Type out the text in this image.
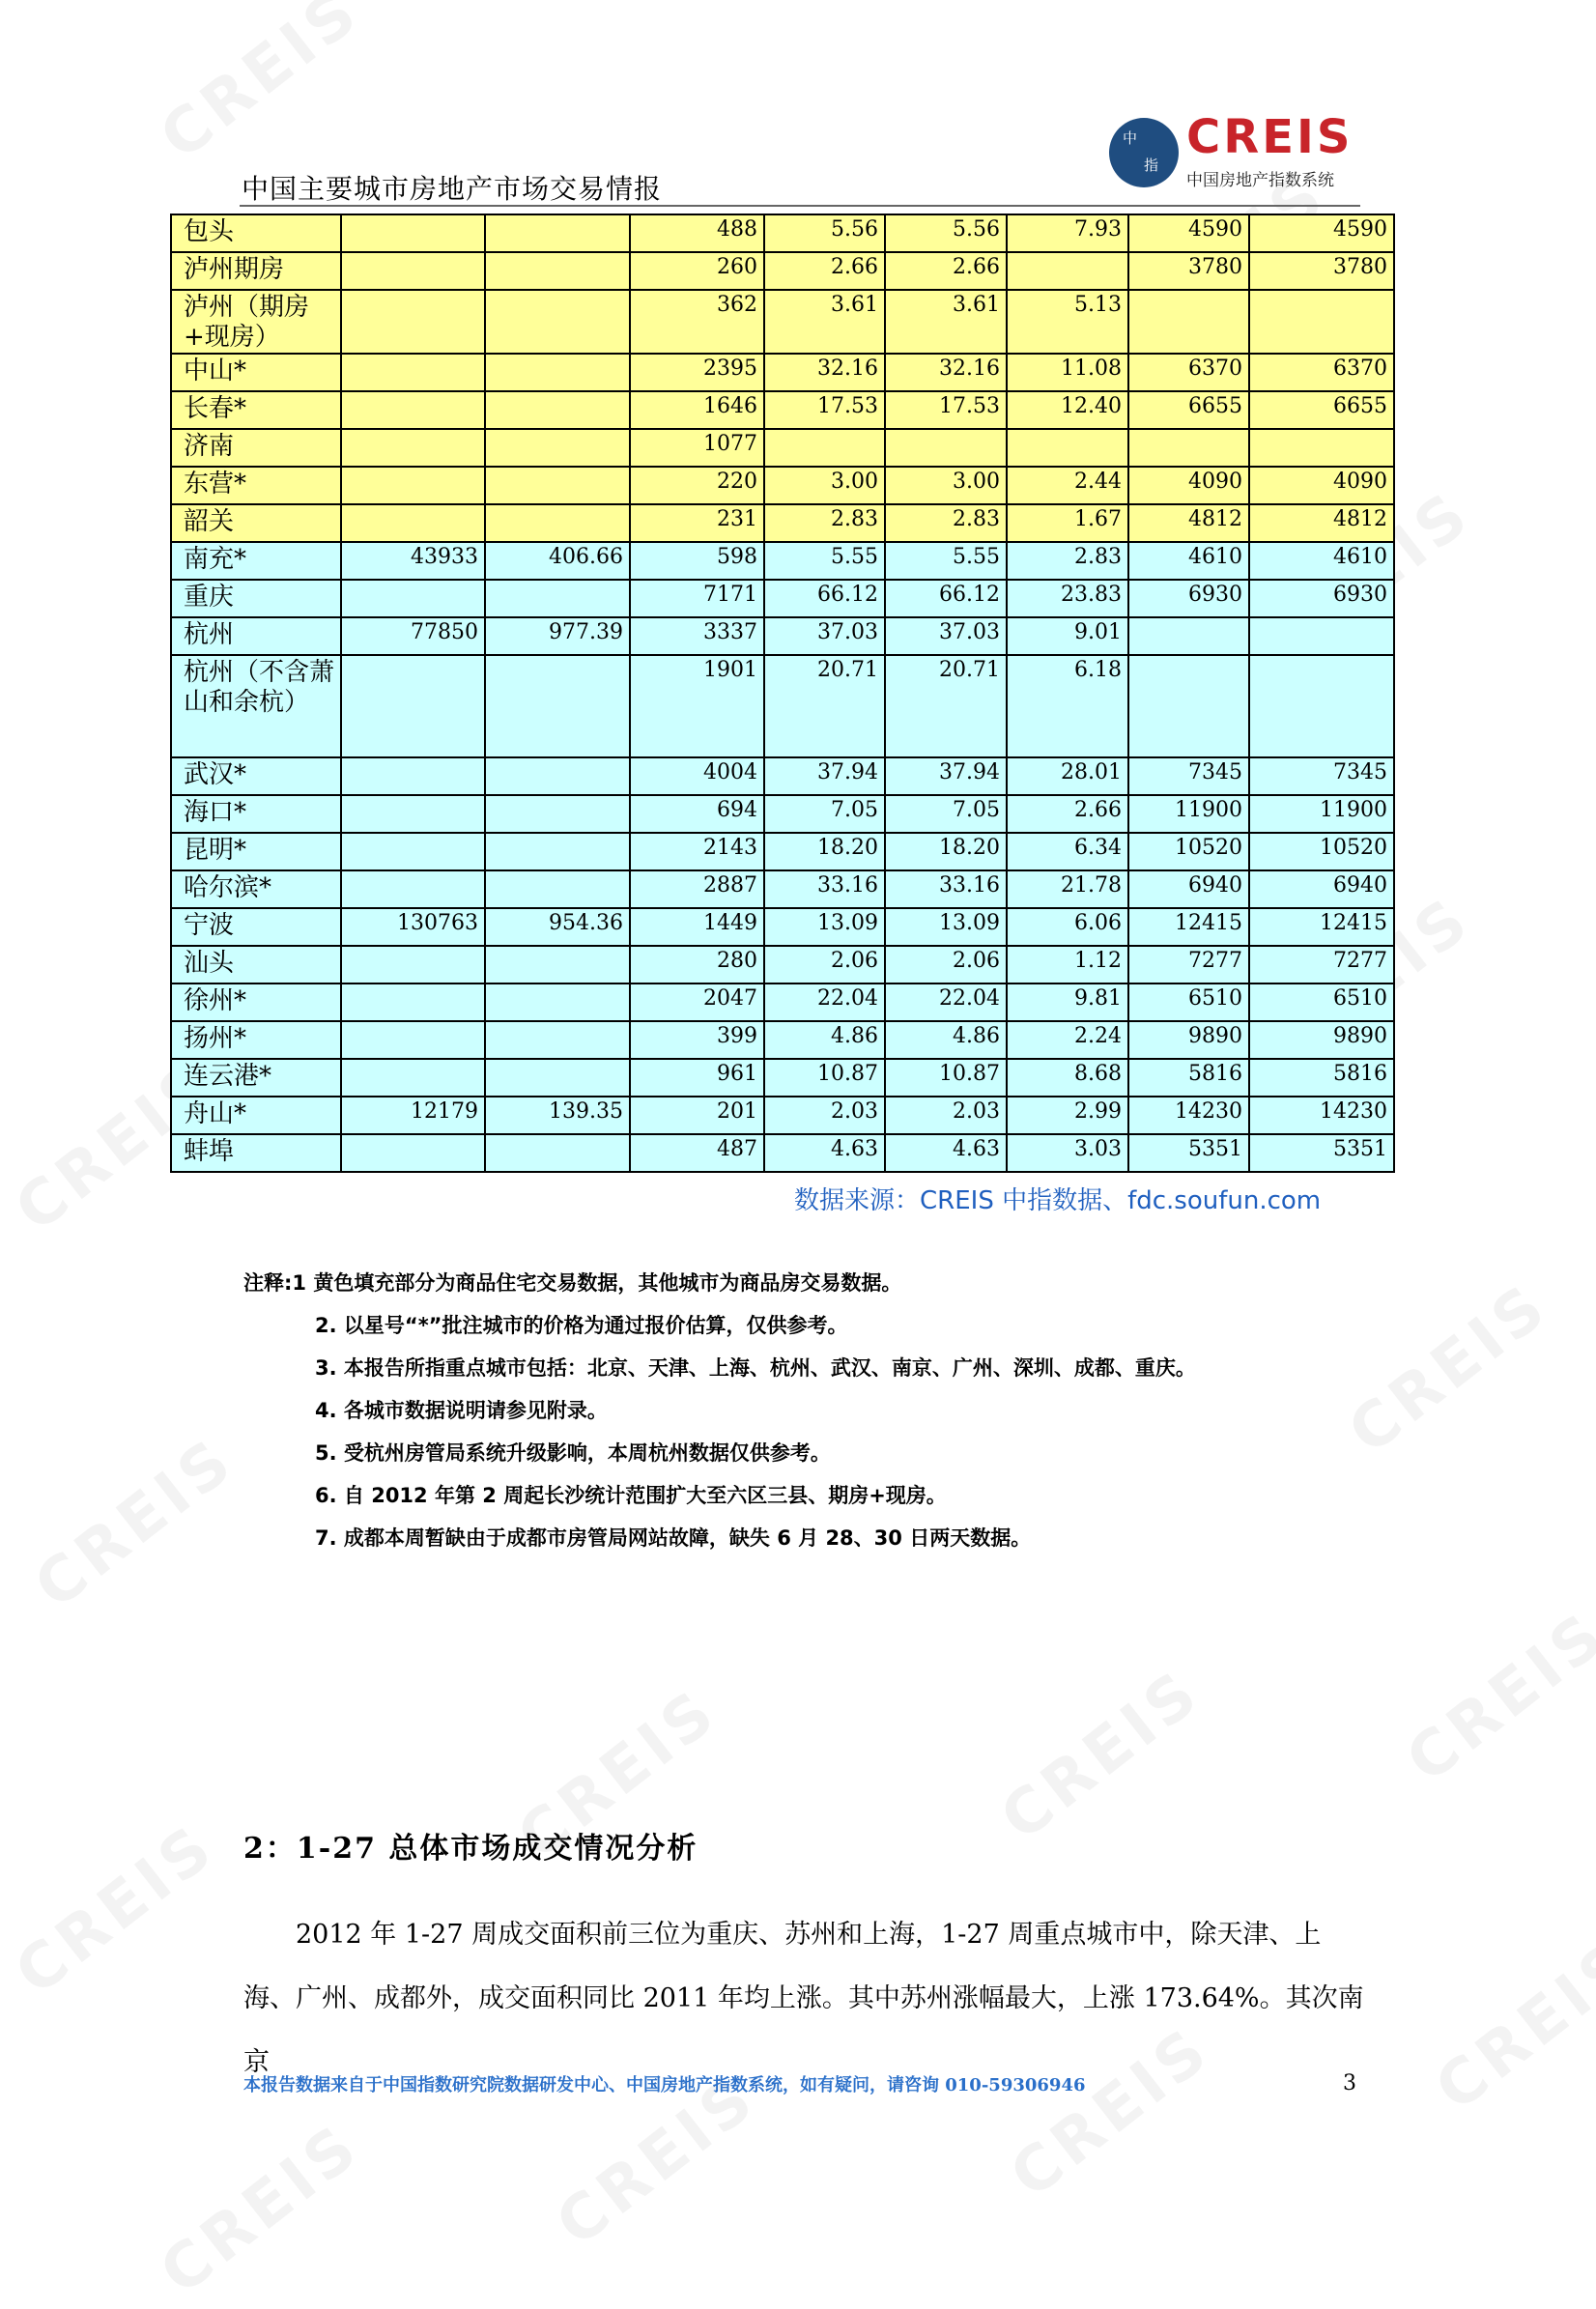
中国主要城市房地产市场交易情报
中
指
CREIS
中国房地产指数系统
包头			488	5.56	5.56	7.93	4590	4590
泸州期房			260	2.66	2.66		3780	3780
泸州（期房+现房）			362	3.61	3.61	5.13		
中山*			2395	32.16	32.16	11.08	6370	6370
长春*			1646	17.53	17.53	12.40	6655	6655
济南			1077					
东营*			220	3.00	3.00	2.44	4090	4090
韶关			231	2.83	2.83	1.67	4812	4812
南充*	43933	406.66	598	5.55	5.55	2.83	4610	4610
重庆			7171	66.12	66.12	23.83	6930	6930
杭州	77850	977.39	3337	37.03	37.03	9.01		
杭州（不含萧山和余杭）			1901	20.71	20.71	6.18		
武汉*			4004	37.94	37.94	28.01	7345	7345
海口*			694	7.05	7.05	2.66	11900	11900
昆明*			2143	18.20	18.20	6.34	10520	10520
哈尔滨*			2887	33.16	33.16	21.78	6940	6940
宁波	130763	954.36	1449	13.09	13.09	6.06	12415	12415
汕头			280	2.06	2.06	1.12	7277	7277
徐州*			2047	22.04	22.04	9.81	6510	6510
扬州*			399	4.86	4.86	2.24	9890	9890
连云港*			961	10.87	10.87	8.68	5816	5816
舟山*	12179	139.35	201	2.03	2.03	2.99	14230	14230
蚌埠			487	4.63	4.63	3.03	5351	5351
数据来源：CREIS 中指数据、fdc.soufun.com
注释:1 黄色填充部分为商品住宅交易数据，其他城市为商品房交易数据。
2. 以星号“*”批注城市的价格为通过报价估算，仅供参考。
3. 本报告所指重点城市包括：北京、天津、上海、杭州、武汉、南京、广州、深圳、成都、重庆。
4. 各城市数据说明请参见附录。
5. 受杭州房管局系统升级影响，本周杭州数据仅供参考。
6. 自 2012 年第 2 周起长沙统计范围扩大至六区三县、期房+现房。
7. 成都本周暂缺由于成都市房管局网站故障，缺失 6 月 28、30 日两天数据。
2：1-27 总体市场成交情况分析

2012 年 1-27 周成交面积前三位为重庆、苏州和上海，1-27 周重点城市中，除天津、上海、广州、成都外，成交面积同比 2011 年均上涨。其中苏州涨幅最大，上涨 173.64%。其次南京

本报告数据来自于中国指数研究院数据研发中心、中国房地产指数系统，如有疑问，请咨询 010-59306946	3
